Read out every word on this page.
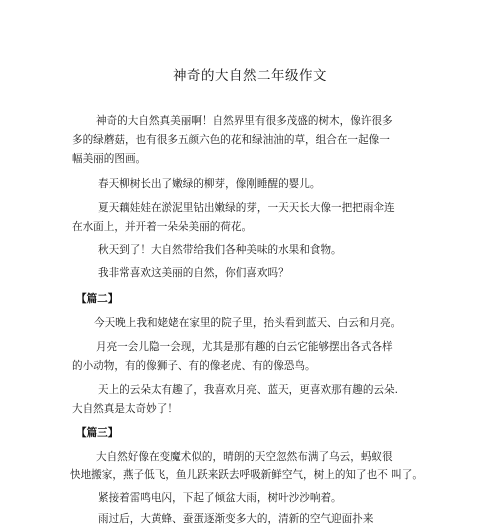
神奇的大自然二年级作文
神奇的大自然真美丽啊！自然界里有很多茂盛的树木，像许很多
多的绿蘑菇，也有很多五颜六色的花和绿油油的草，组合在一起像一
幅美丽的图画。
春天柳树长出了嫩绿的柳芽，像刚睡醒的婴儿。
夏天藕娃娃在淤泥里钻出嫩绿的芽，一天天长大像一把把雨伞连
在水面上，并开着一朵朵美丽的荷花。
秋天到了！大自然带给我们各种美味的水果和食物。
我非常喜欢这美丽的自然，你们喜欢吗？
【篇二】
今天晚上我和姥姥在家里的院子里，抬头看到蓝天、白云和月亮。
月亮一会儿隐一会现，尤其是那有趣的白云它能够摆出各式各样
的小动物，有的像狮子、有的像老虎、有的像恐鸟。
天上的云朵太有趣了，我喜欢月亮、蓝天，更喜欢那有趣的云朵.
大自然真是太奇妙了！
【篇三】
大自然好像在变魔术似的，晴朗的天空忽然布满了乌云，蚂蚁很
快地搬家，燕子低飞，鱼儿跃来跃去呼吸新鲜空气，树上的知了也不 叫了。
紧接着雷鸣电闪，下起了倾盆大雨，树叶沙沙响着。
雨过后，大黄蜂、蚕蛋逐渐变多大的，清新的空气迎面扑来
